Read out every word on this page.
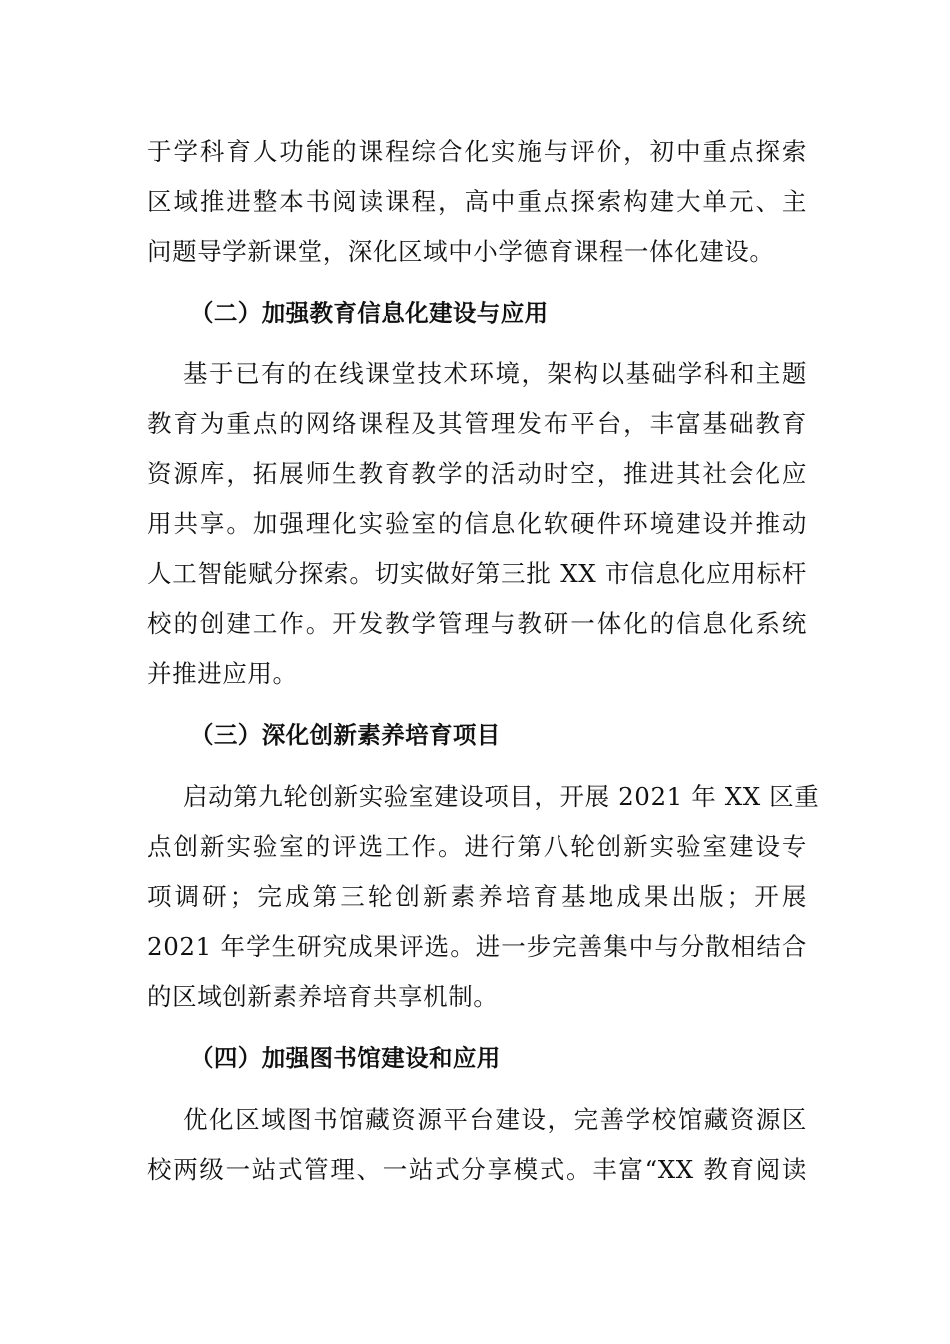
于学科育人功能的课程综合化实施与评价，初中重点探索
区域推进整本书阅读课程，高中重点探索构建大单元、主
问题导学新课堂，深化区域中小学德育课程一体化建设。
（二）加强教育信息化建设与应用
基于已有的在线课堂技术环境，架构以基础学科和主题
教育为重点的网络课程及其管理发布平台，丰富基础教育
资源库，拓展师生教育教学的活动时空，推进其社会化应
用共享。加强理化实验室的信息化软硬件环境建设并推动
人工智能赋分探索。切实做好第三批 XX 市信息化应用标杆
校的创建工作。开发教学管理与教研一体化的信息化系统
并推进应用。
（三）深化创新素养培育项目
启动第九轮创新实验室建设项目，开展 2021 年 XX 区重
点创新实验室的评选工作。进行第八轮创新实验室建设专
项调研；完成第三轮创新素养培育基地成果出版；开展
2021 年学生研究成果评选。进一步完善集中与分散相结合
的区域创新素养培育共享机制。
（四）加强图书馆建设和应用
优化区域图书馆藏资源平台建设，完善学校馆藏资源区
校两级一站式管理、一站式分享模式。丰富“XX 教育阅读
